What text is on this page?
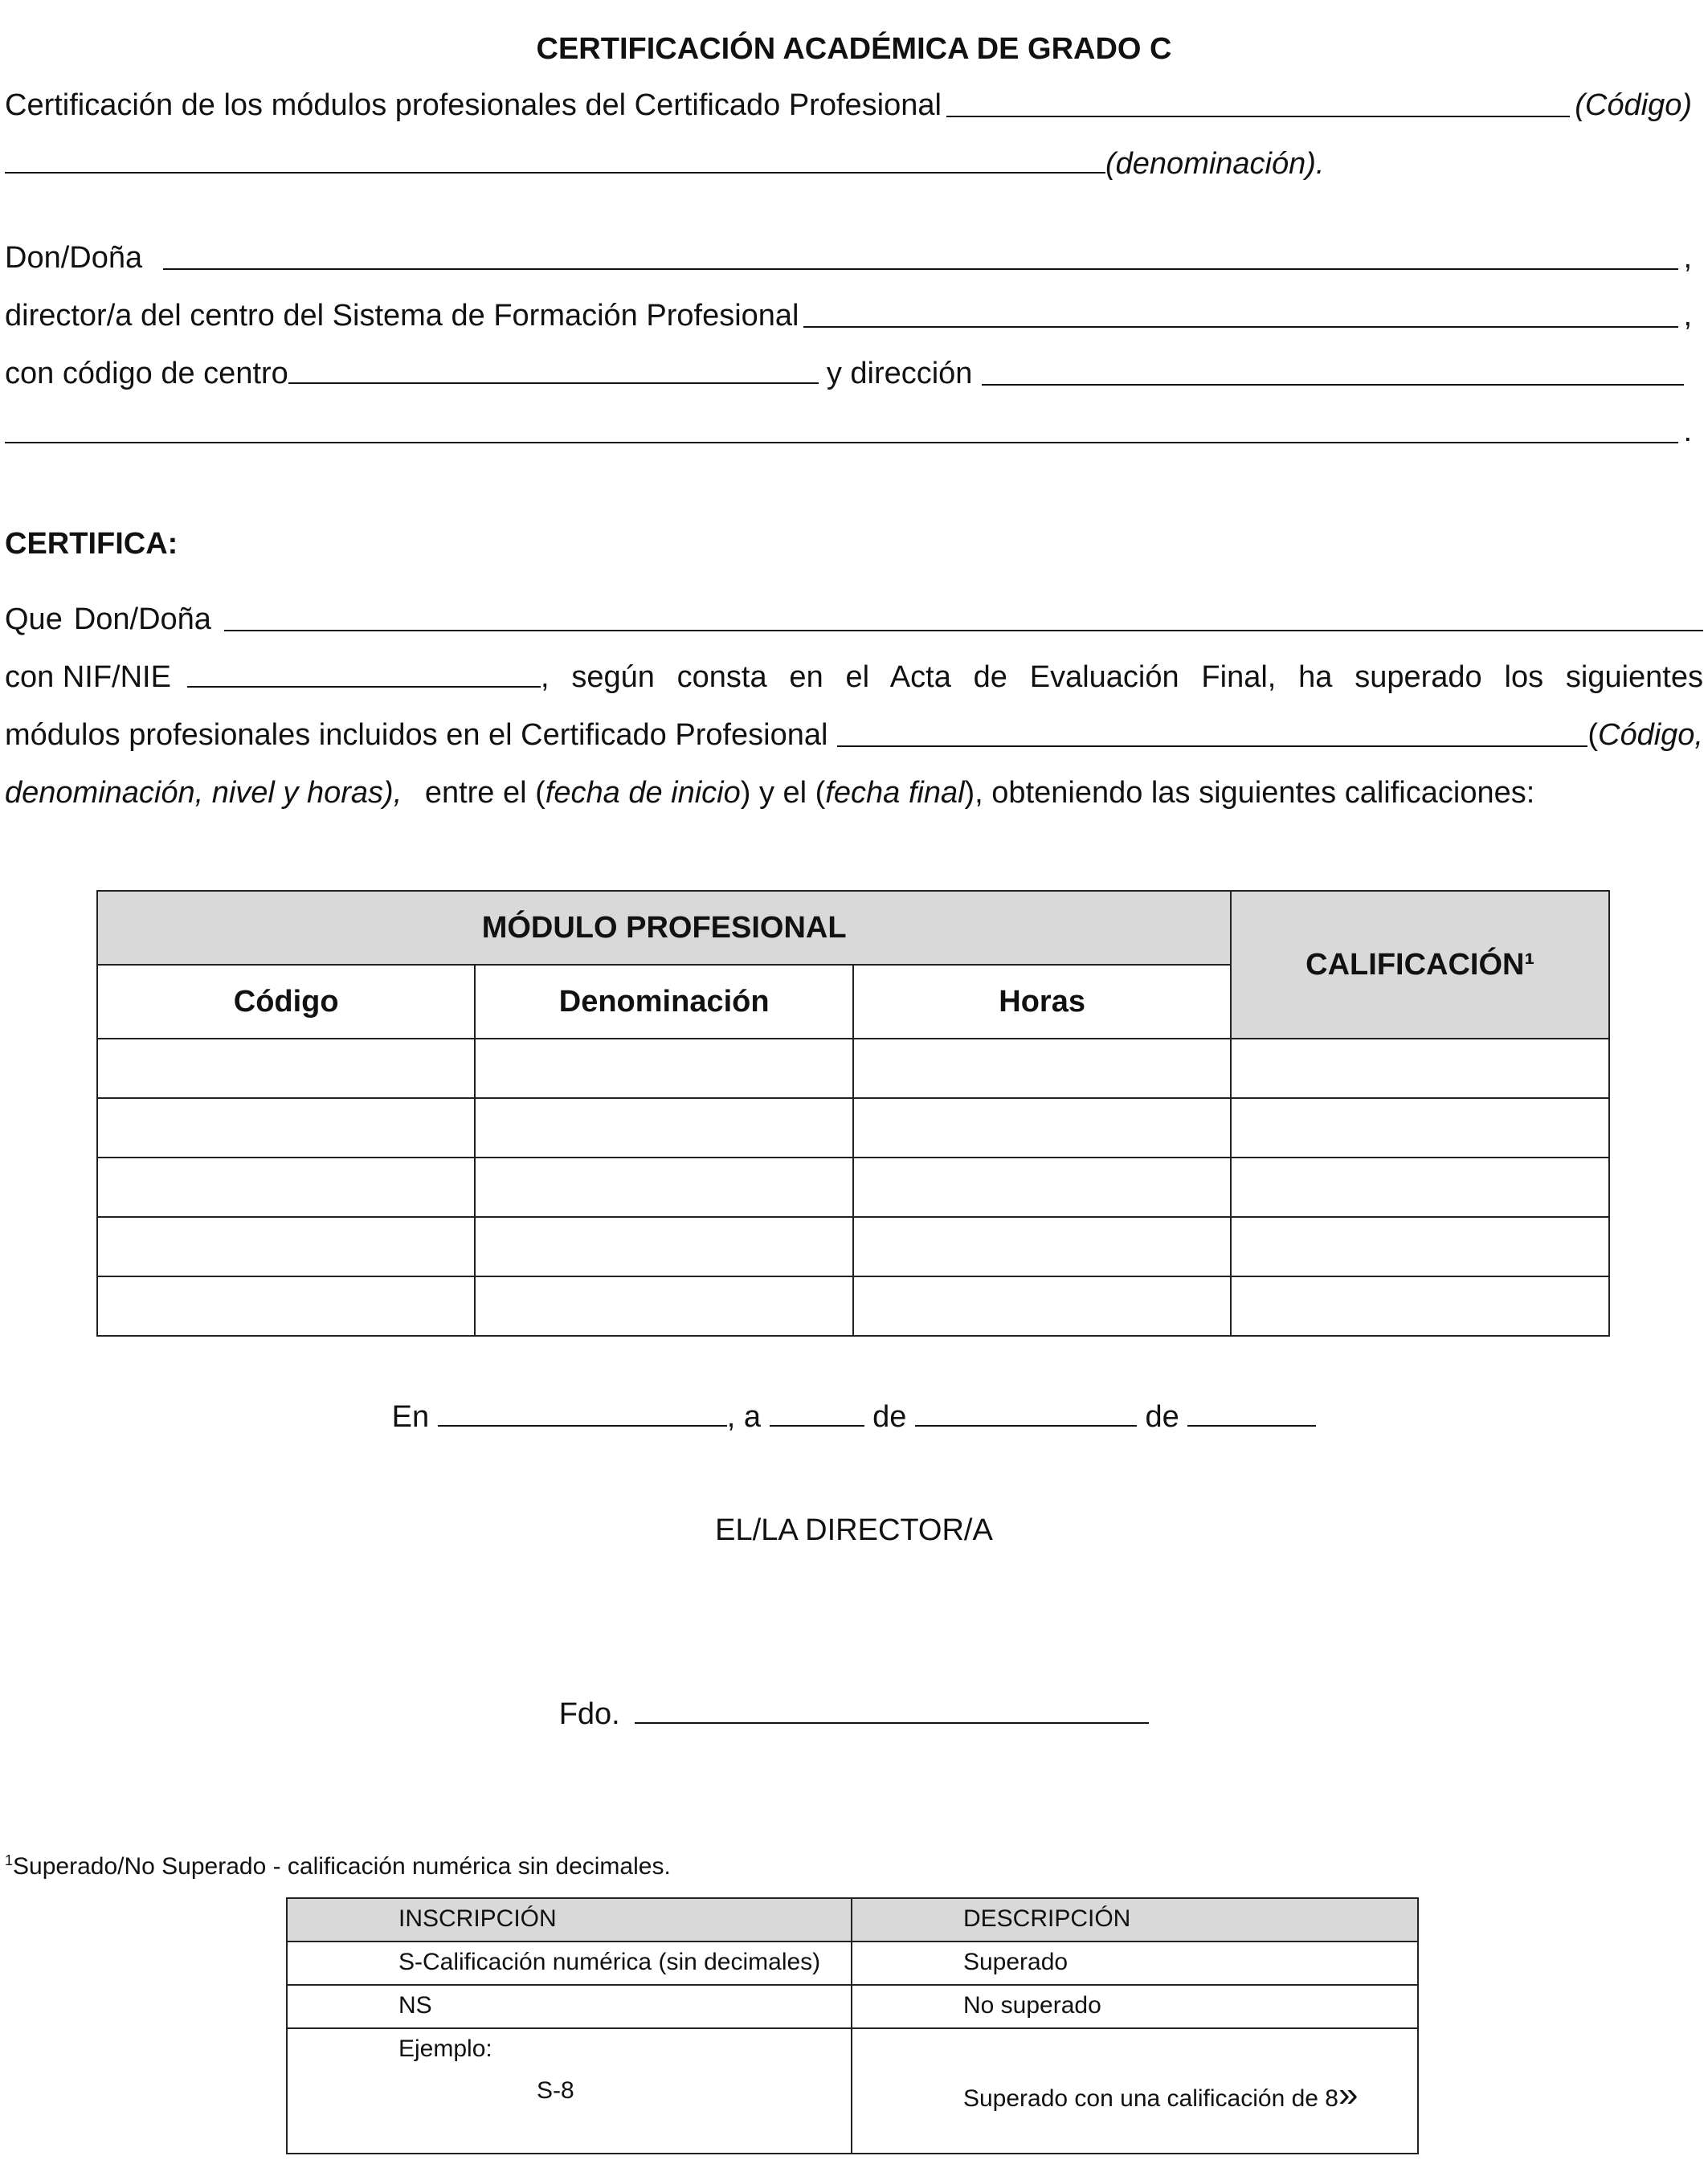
CERTIFICACIÓN ACADÉMICA DE GRADO C
Certificación de los módulos profesionales del Certificado Profesional	(Código)
(denominación).
Don/Doña	,
director/a del centro del Sistema de Formación Profesional	,
con código de centro	y dirección
.
CERTIFICA:
Que Don/Doña
con NIF/NIE	, según consta en el Acta de Evaluación Final, ha superado los siguientes
módulos profesionales incluidos en el Certificado Profesional	( Código,
denominación, nivel y horas), entre el (fecha de inicio) y el (fecha final), obteniendo las siguientes calificaciones:
MÓDULO PROFESIONAL			CALIFICACIÓN¹
Código	Denominación	Horas	

En	, a	de	de
EL/LA DIRECTOR/A
Fdo.
$^1$Superado/No Superado - calificación numérica sin decimales.
INSCRIPCIÓN	DESCRIPCIÓN
S-Calificación numérica (sin decimales)	Superado
NS	No superado

Ejemplo:
S-8	Superado con una calificación de 8»
